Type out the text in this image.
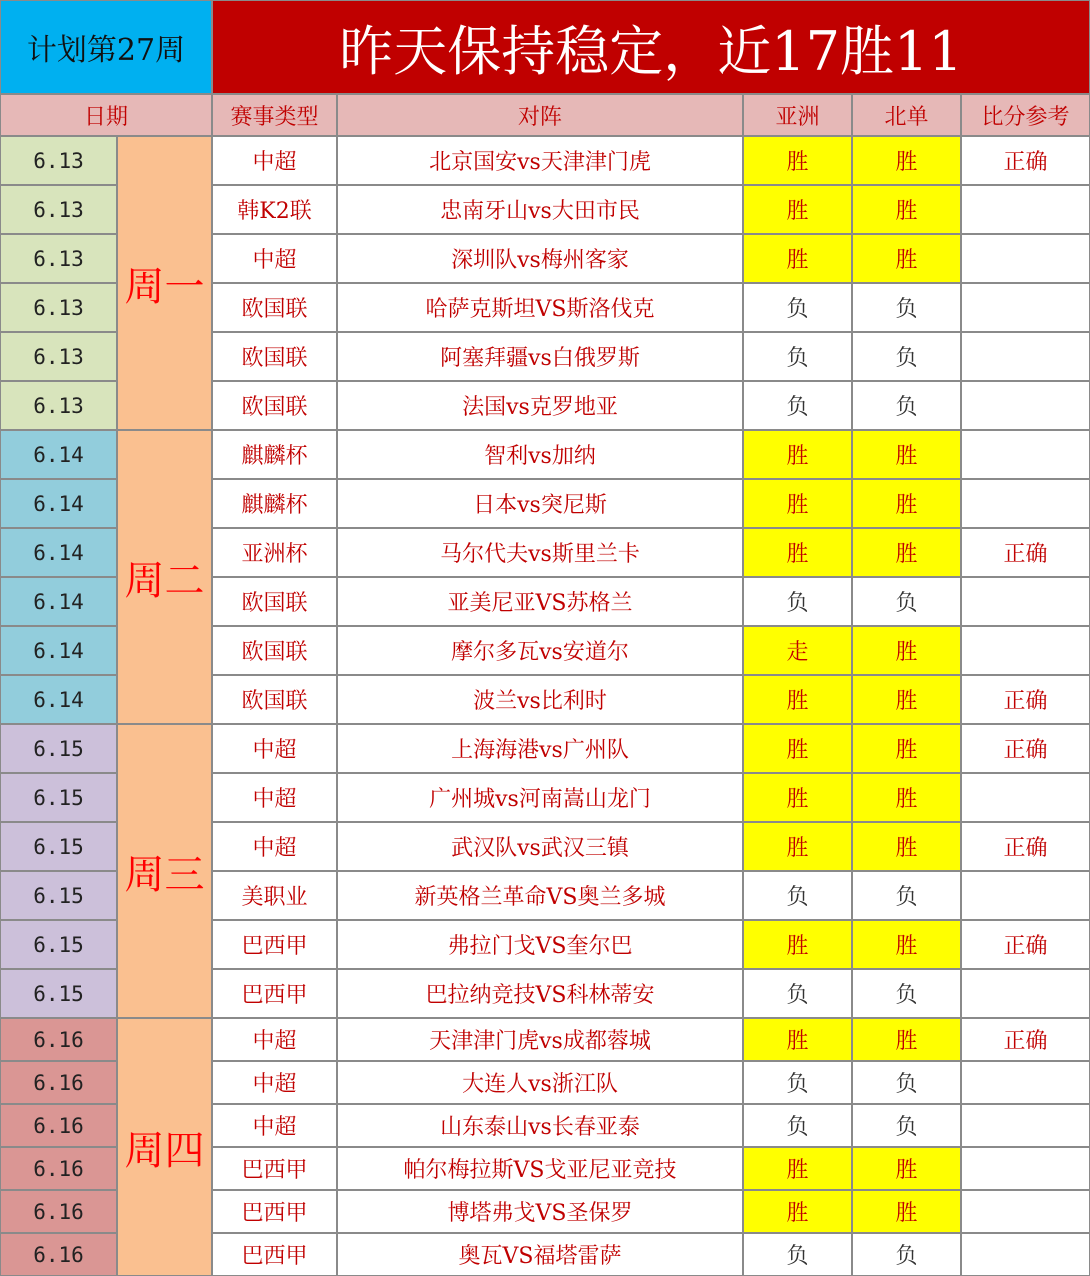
计划第27周	昨天保持稳定，近17胜11
日期	赛事类型	对阵	亚洲	北单	比分参考
周一
6.13	中超	北京国安vs天津津门虎	胜	胜	正确
6.13	韩K2联	忠南牙山vs大田市民	胜	胜
6.13	中超	深圳队vs梅州客家	胜	胜
6.13	欧国联	哈萨克斯坦VS斯洛伐克	负	负
6.13	欧国联	阿塞拜疆vs白俄罗斯	负	负
6.13	欧国联	法国vs克罗地亚	负	负
周二
6.14	麒麟杯	智利vs加纳	胜	胜
6.14	麒麟杯	日本vs突尼斯	胜	胜
6.14	亚洲杯	马尔代夫vs斯里兰卡	胜	胜	正确
6.14	欧国联	亚美尼亚VS苏格兰	负	负
6.14	欧国联	摩尔多瓦vs安道尔	走	胜
6.14	欧国联	波兰vs比利时	胜	胜	正确
周三
6.15	中超	上海海港vs广州队	胜	胜	正确
6.15	中超	广州城vs河南嵩山龙门	胜	胜
6.15	中超	武汉队vs武汉三镇	胜	胜	正确
6.15	美职业	新英格兰革命VS奥兰多城	负	负
6.15	巴西甲	弗拉门戈VS奎尔巴	胜	胜	正确
6.15	巴西甲	巴拉纳竞技VS科林蒂安	负	负
周四
6.16	中超	天津津门虎vs成都蓉城	胜	胜	正确
6.16	中超	大连人vs浙江队	负	负
6.16	中超	山东泰山vs长春亚泰	负	负
6.16	巴西甲	帕尔梅拉斯VS戈亚尼亚竞技	胜	胜
6.16	巴西甲	博塔弗戈VS圣保罗	胜	胜
6.16	巴西甲	奥瓦VS福塔雷萨	负	负
